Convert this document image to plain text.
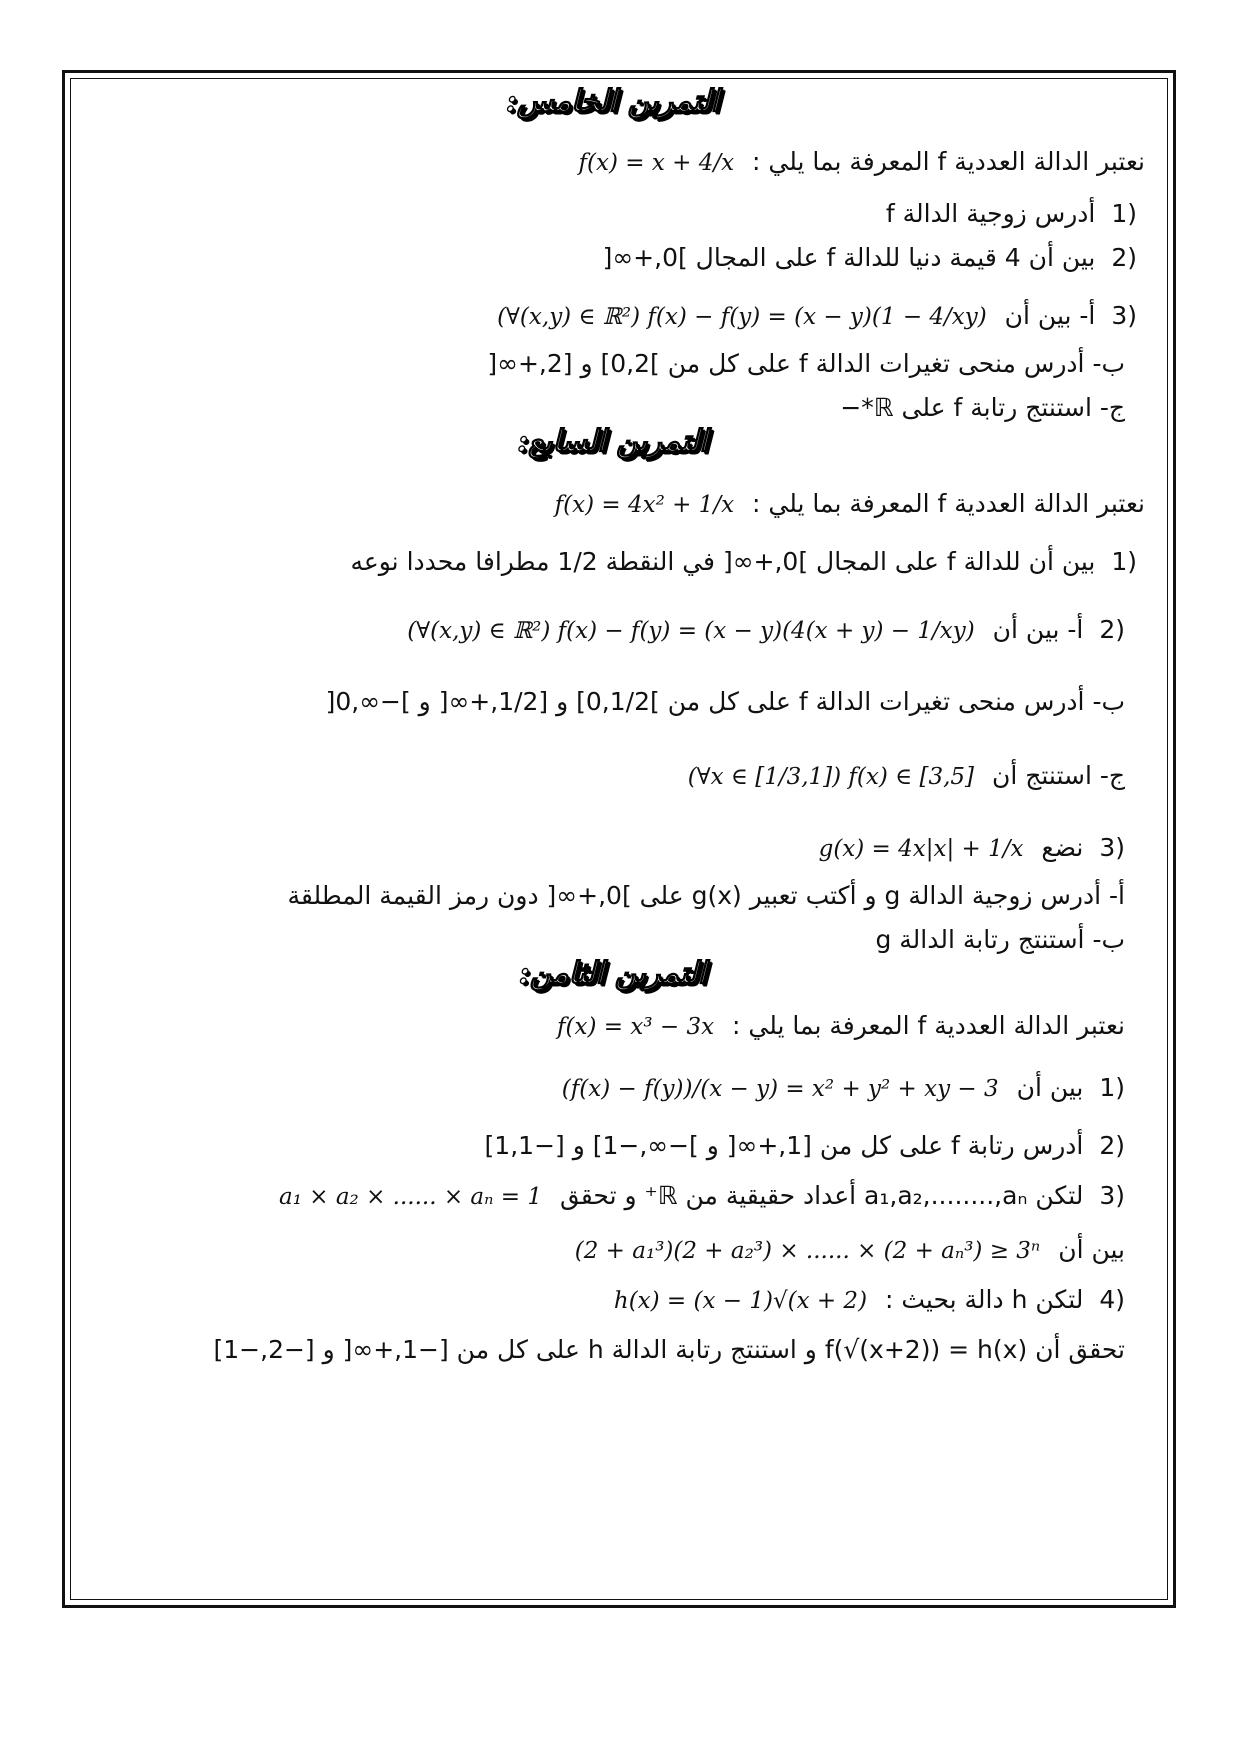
التمرين الخامس:
نعتبر الدالة العددية f المعرفة بما يلي : f(x) = x + 4/x
1) أدرس زوجية الدالة f
2) بين أن 4 قيمة دنيا للدالة f على المجال ]0,+∞[
3) أ- بين أن (∀(x,y) ∈ ℝ²) f(x) − f(y) = (x − y)(1 − 4/xy)
ب- أدرس منحى تغيرات الدالة f على كل من ]0,2] و [2,+∞[
ج- استنتج رتابة f على ℝ*−
التمرين السابع:
نعتبر الدالة العددية f المعرفة بما يلي : f(x) = 4x² + 1/x
1) بين أن للدالة f على المجال ]0,+∞[ في النقطة 1/2 مطرافا محددا نوعه
2) أ- بين أن (∀(x,y) ∈ ℝ²) f(x) − f(y) = (x − y)(4(x + y) − 1/xy)
ب- أدرس منحى تغيرات الدالة f على كل من ]0,1/2] و [1/2,+∞[ و ]−∞,0[
ج- استنتج أن (∀x ∈ [1/3,1]) f(x) ∈ [3,5]
3) نضع g(x) = 4x|x| + 1/x
أ- أدرس زوجية الدالة g و أكتب تعبير g(x) على ]0,+∞[ دون رمز القيمة المطلقة
ب- أستنتج رتابة الدالة g
التمرين الثامن:
نعتبر الدالة العددية f المعرفة بما يلي : f(x) = x³ − 3x
1) بين أن (f(x) − f(y))/(x − y) = x² + y² + xy − 3
2) أدرس رتابة f على كل من [1,+∞[ و ]−∞,−1] و [−1,1]
3) لتكن a₁,a₂,........,aₙ أعداد حقيقية من ℝ⁺ و تحقق a₁ × a₂ × ...... × aₙ = 1
بين أن (2 + a₁³)(2 + a₂³) × ...... × (2 + aₙ³) ≥ 3ⁿ
4) لتكن h دالة بحيث : h(x) = (x − 1)√(x + 2)
تحقق أن f(√(x+2)) = h(x) و استنتج رتابة الدالة h على كل من [−1,+∞[ و [−2,−1]
